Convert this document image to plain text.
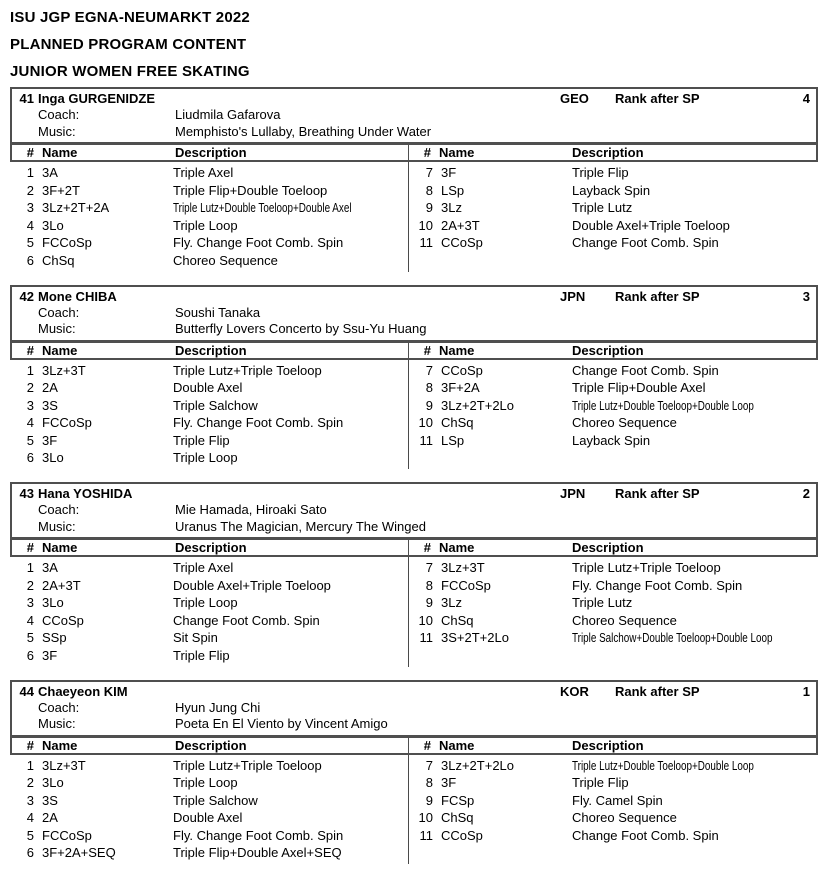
ISU JGP EGNA-NEUMARKT 2022
PLANNED PROGRAM CONTENT
JUNIOR WOMEN FREE SKATING
41 Inga GURGENIDZE	GEO Rank after SP	4
Coach:	Liudmila Gafarova
Music:	Memphisto's Lullaby, Breathing Under Water
# Name	Description	# Name	Description
1 3A	Triple Axel
2 3F+2T	Triple Flip+Double Toeloop
3 3Lz+2T+2A	Triple Lutz+Double Toeloop+Double Axel
4 3Lo	Triple Loop
5 FCCoSp	Fly. Change Foot Comb. Spin
6 ChSq	Choreo Sequence
7 3F	Triple Flip
8 LSp	Layback Spin
9 3Lz	Triple Lutz
10 2A+3T	Double Axel+Triple Toeloop
11 CCoSp	Change Foot Comb. Spin
42 Mone CHIBA	JPN Rank after SP	3
Coach:	Soushi Tanaka
Music:	Butterfly Lovers Concerto by Ssu-Yu Huang
# Name	Description	# Name	Description
1 3Lz+3T	Triple Lutz+Triple Toeloop
2 2A	Double Axel
3 3S	Triple Salchow
4 FCCoSp	Fly. Change Foot Comb. Spin
5 3F	Triple Flip
6 3Lo	Triple Loop
7 CCoSp	Change Foot Comb. Spin
8 3F+2A	Triple Flip+Double Axel
9 3Lz+2T+2Lo	Triple Lutz+Double Toeloop+Double Loop
10 ChSq	Choreo Sequence
11 LSp	Layback Spin
43 Hana YOSHIDA	JPN Rank after SP	2
Coach:	Mie Hamada, Hiroaki Sato
Music:	Uranus The Magician, Mercury The Winged
# Name	Description	# Name	Description
1 3A	Triple Axel
2 2A+3T	Double Axel+Triple Toeloop
3 3Lo	Triple Loop
4 CCoSp	Change Foot Comb. Spin
5 SSp	Sit Spin
6 3F	Triple Flip
7 3Lz+3T	Triple Lutz+Triple Toeloop
8 FCCoSp	Fly. Change Foot Comb. Spin
9 3Lz	Triple Lutz
10 ChSq	Choreo Sequence
11 3S+2T+2Lo	Triple Salchow+Double Toeloop+Double Loop
44 Chaeyeon KIM	KOR Rank after SP	1
Coach:	Hyun Jung Chi
Music:	Poeta En El Viento by Vincent Amigo
# Name	Description	# Name	Description
1 3Lz+3T	Triple Lutz+Triple Toeloop
2 3Lo	Triple Loop
3 3S	Triple Salchow
4 2A	Double Axel
5 FCCoSp	Fly. Change Foot Comb. Spin
6 3F+2A+SEQ	Triple Flip+Double Axel+SEQ
7 3Lz+2T+2Lo	Triple Lutz+Double Toeloop+Double Loop
8 3F	Triple Flip
9 FCSp	Fly. Camel Spin
10 ChSq	Choreo Sequence
11 CCoSp	Change Foot Comb. Spin
